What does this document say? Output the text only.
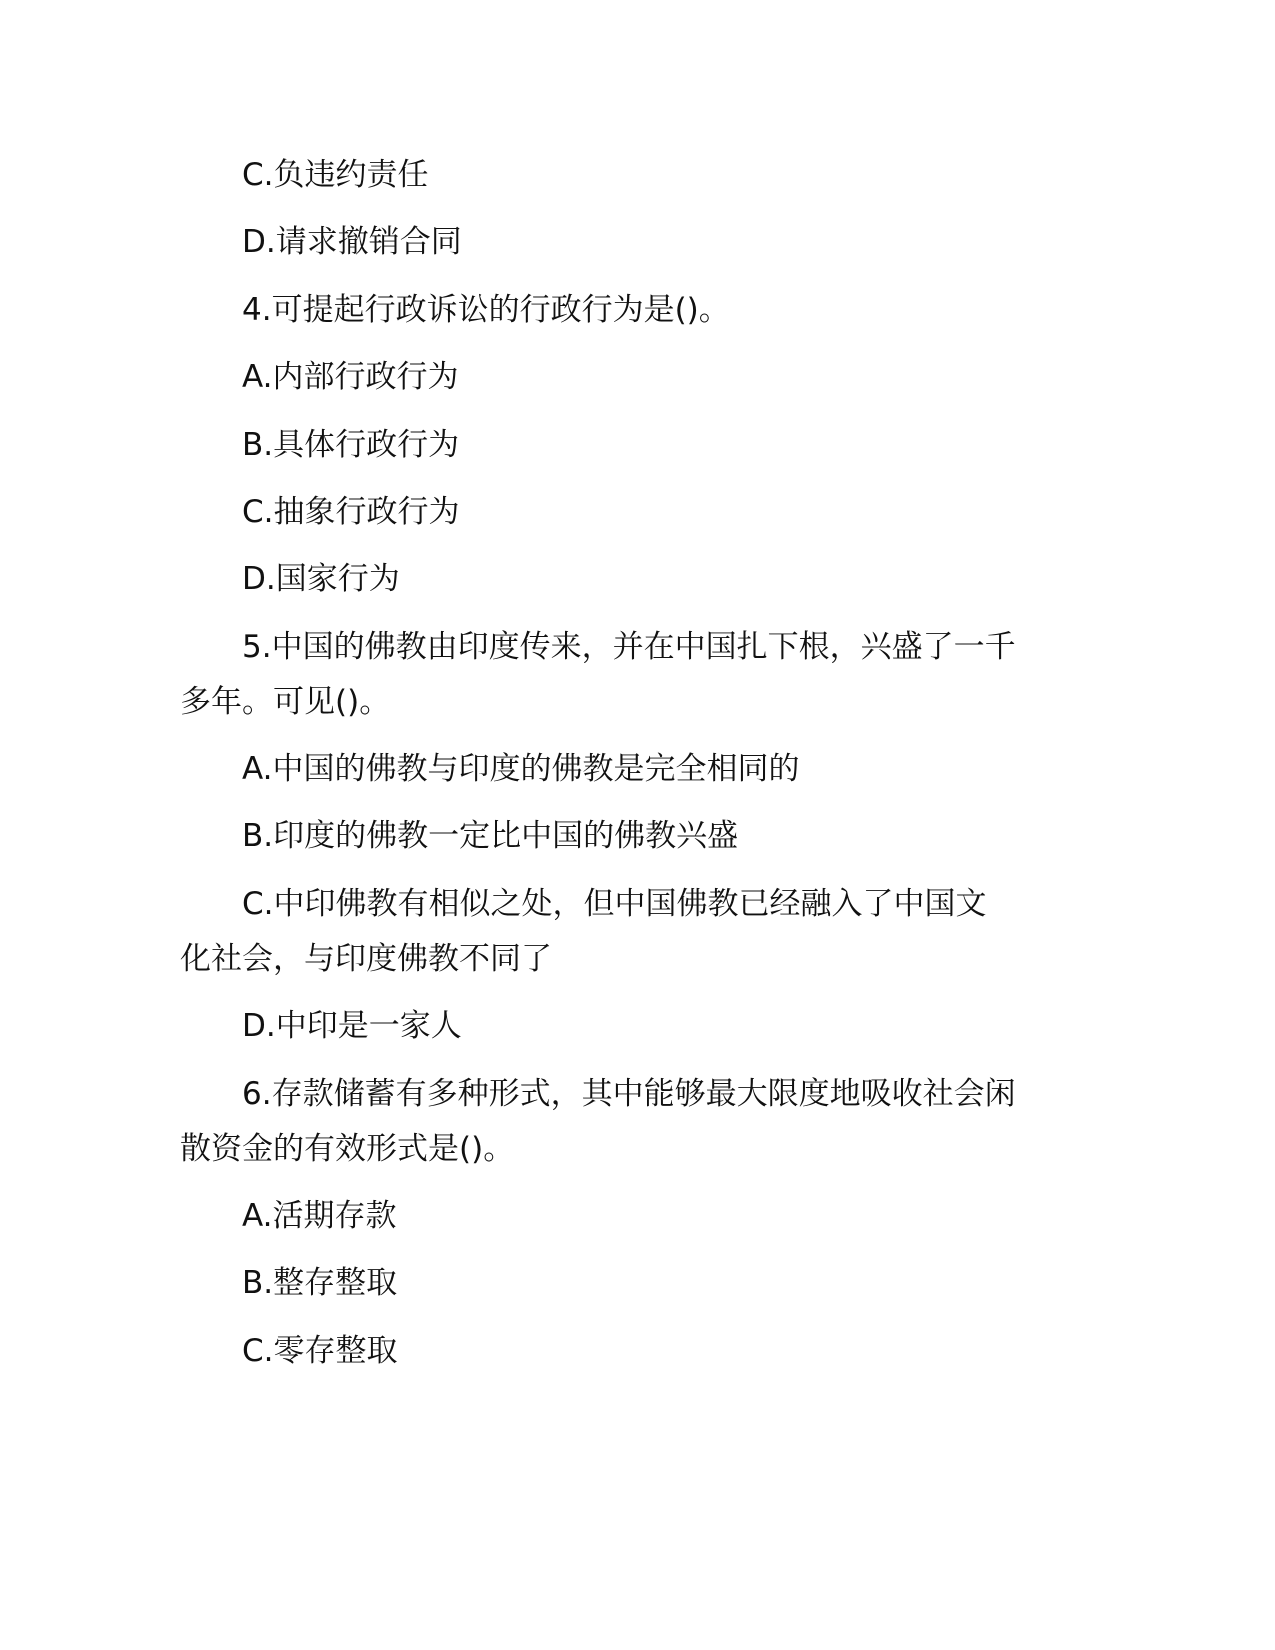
C.负违约责任
D.请求撤销合同
4.可提起行政诉讼的行政行为是()。
A.内部行政行为
B.具体行政行为
C.抽象行政行为
D.国家行为
5.中国的佛教由印度传来，并在中国扎下根，兴盛了一千
多年。可见()。
A.中国的佛教与印度的佛教是完全相同的
B.印度的佛教一定比中国的佛教兴盛
C.中印佛教有相似之处，但中国佛教已经融入了中国文
化社会，与印度佛教不同了
D.中印是一家人
6.存款储蓄有多种形式，其中能够最大限度地吸收社会闲
散资金的有效形式是()。
A.活期存款
B.整存整取
C.零存整取
